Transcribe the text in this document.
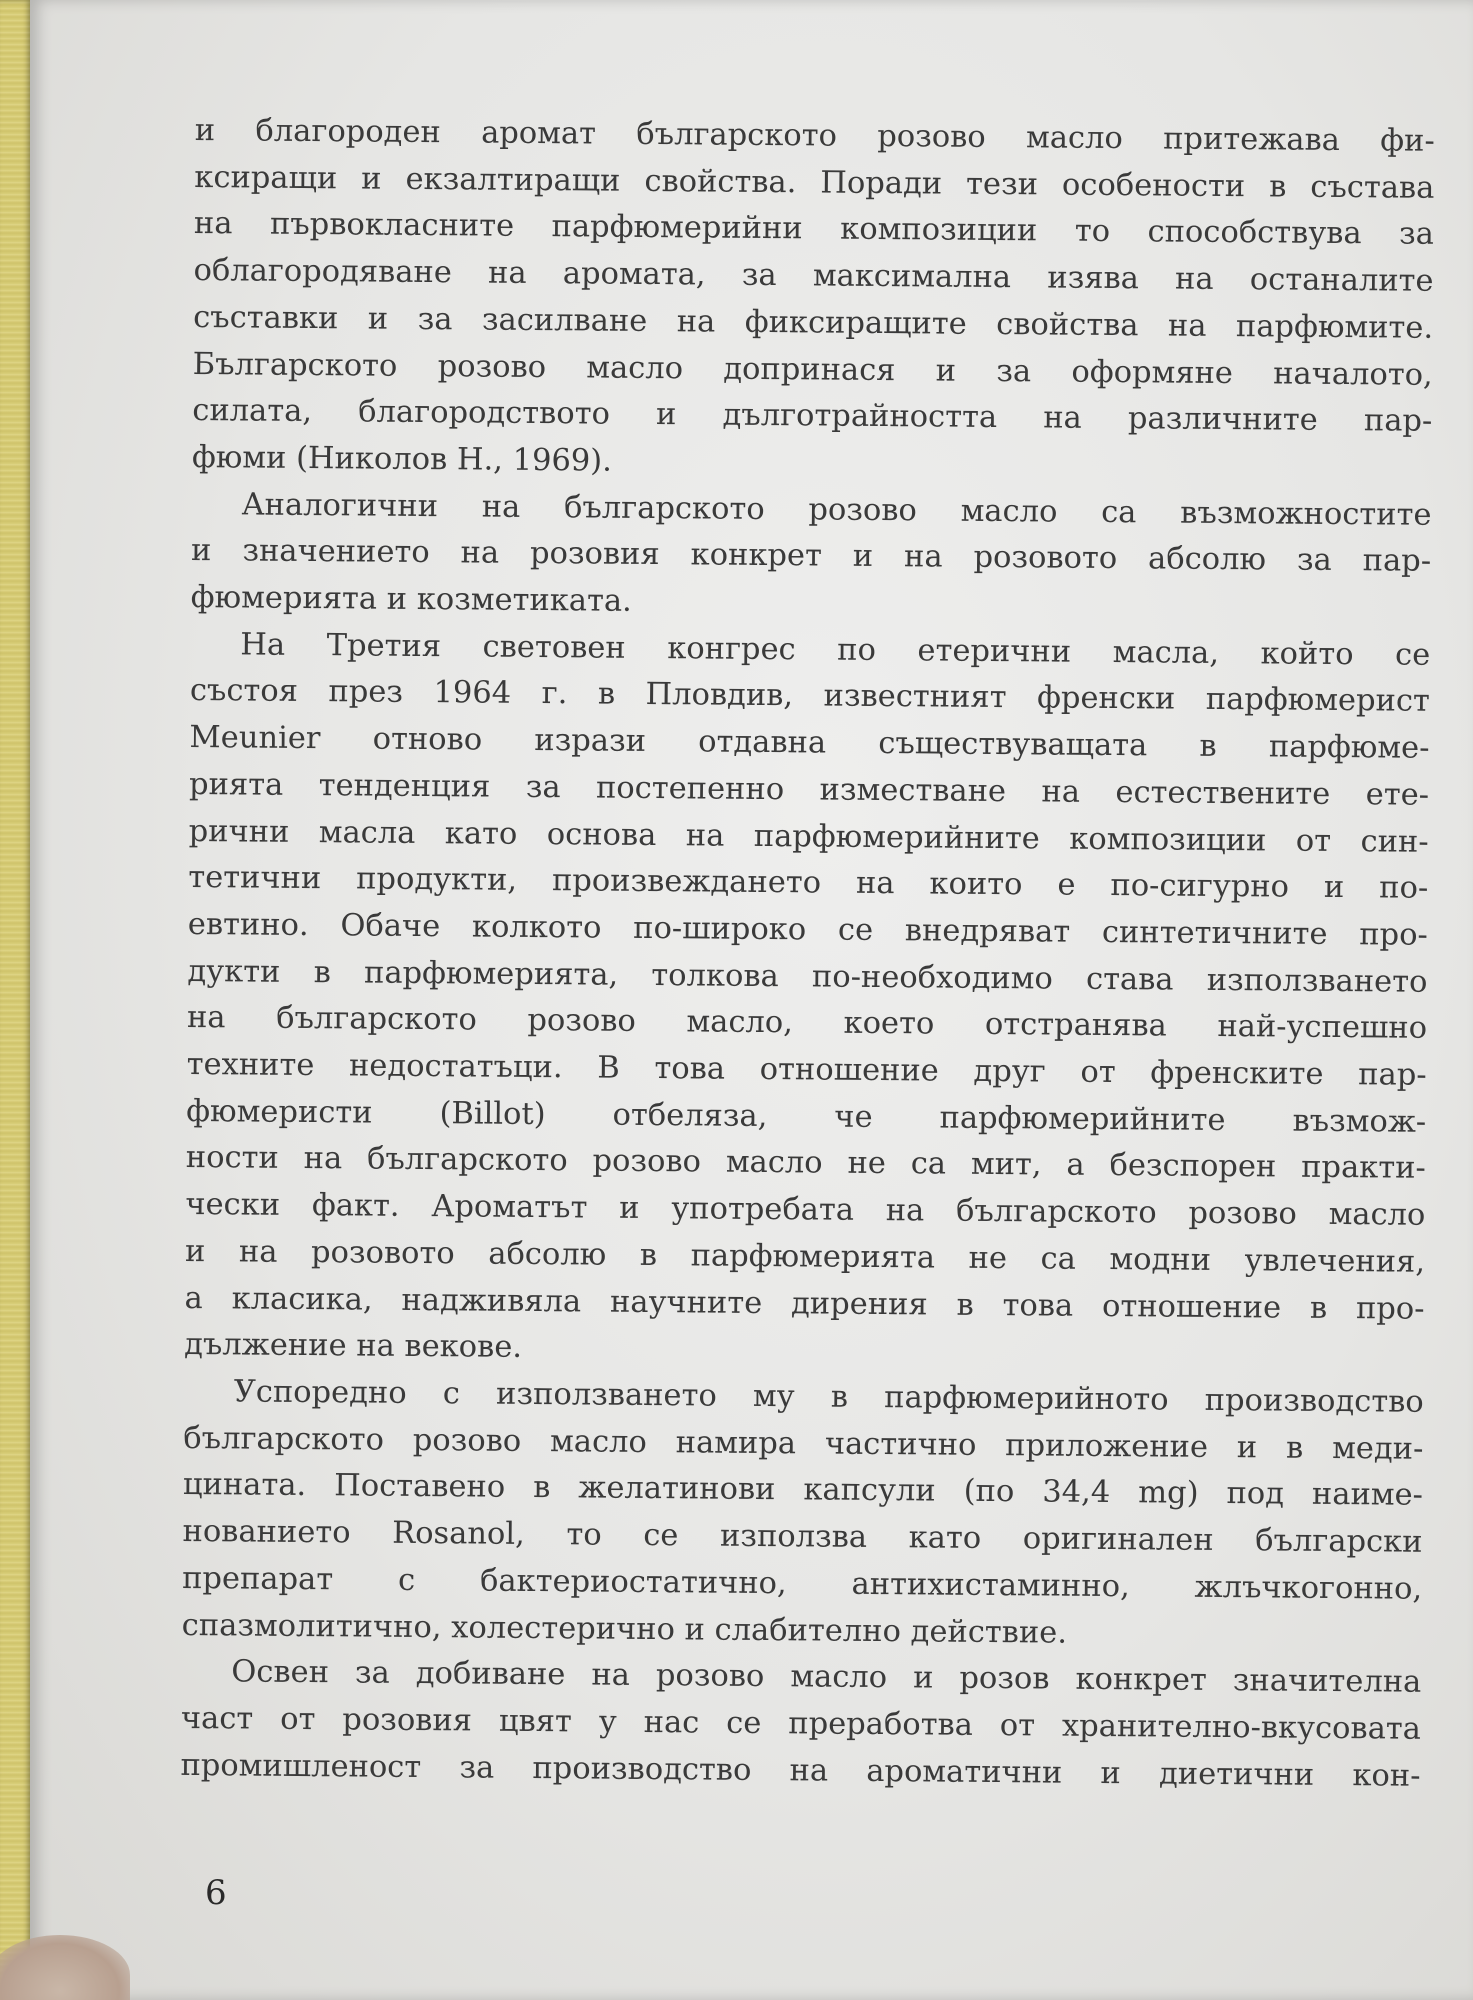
и благороден аромат българското розово масло притежава фи-
ксиращи и екзалтиращи свойства. Поради тези особености в състава
на първокласните парфюмерийни композиции то способствува за
облагородяване на аромата, за максимална изява на останалите
съставки и за засилване на фиксиращите свойства на парфюмите.
Българското розово масло допринася и за оформяне началото,
силата, благородството и дълготрайността на различните пар-
фюми (Николов Н., 1969).
Аналогични на българското розово масло са възможностите
и значението на розовия конкрет и на розовото абсолю за пар-
фюмерията и козметиката.
На Третия световен конгрес по етерични масла, който се
състоя през 1964 г. в Пловдив, известният френски парфюмерист
Meunier отново изрази отдавна съществуващата в парфюме-
рията тенденция за постепенно изместване на естествените ете-
рични масла като основа на парфюмерийните композиции от син-
тетични продукти, произвеждането на които е по-сигурно и по-
евтино. Обаче колкото по-широко се внедряват синтетичните про-
дукти в парфюмерията, толкова по-необходимо става използването
на българското розово масло, което отстранява най-успешно
техните недостатъци. В това отношение друг от френските пар-
фюмеристи (Billot) отбеляза, че парфюмерийните възмож-
ности на българското розово масло не са мит, а безспорен практи-
чески факт. Ароматът и употребата на българското розово масло
и на розовото абсолю в парфюмерията не са модни увлечения,
а класика, надживяла научните дирения в това отношение в про-
дължение на векове.
Успоредно с използването му в парфюмерийното производство
българското розово масло намира частично приложение и в меди-
цината. Поставено в желатинови капсули (по 34,4 mg) под наиме-
нованието Rosanol, то се използва като оригинален български
препарат с бактериостатично, антихистаминно, жлъчкогонно,
спазмолитично, холестерично и слабително действие.
Освен за добиване на розово масло и розов конкрет значителна
част от розовия цвят у нас се преработва от хранително-вкусовата
промишленост за производство на ароматични и диетични кон-
6
